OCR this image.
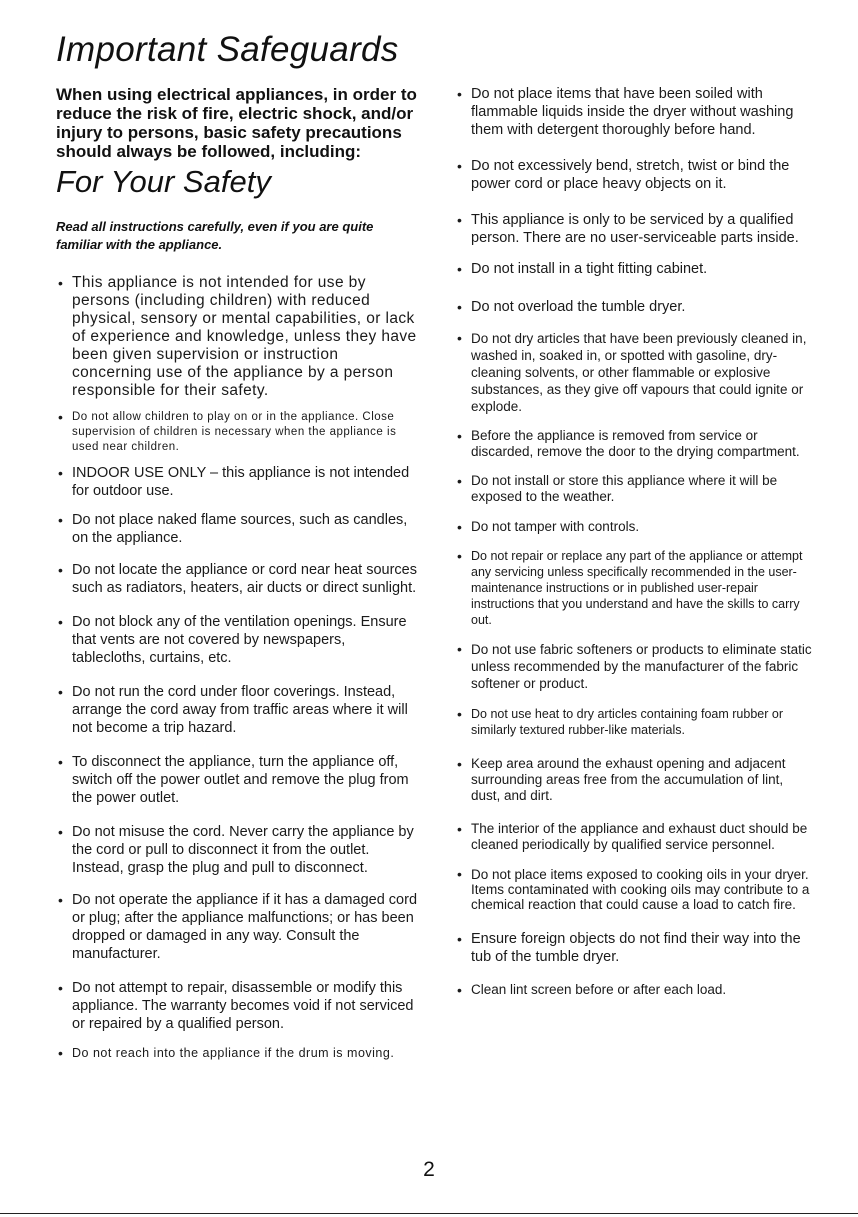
Important Safeguards
When using electrical appliances, in order to reduce the risk of fire, electric shock, and/or injury to persons, basic safety precautions should always be followed, including:
For Your Safety
Read all instructions carefully, even if you are quite familiar with the appliance.
• This appliance is not intended for use by persons (including children) with reduced physical, sensory or mental capabilities, or lack of experience and knowledge, unless they have been given supervision or instruction concerning use of the appliance by a person responsible for their safety.
• Do not allow children to play on or in the appliance. Close supervision of children is necessary when the appliance is used near children.
• INDOOR USE ONLY – this appliance is not intended for outdoor use.
• Do not place naked flame sources, such as candles, on the appliance.
• Do not locate the appliance or cord near heat sources such as radiators, heaters, air ducts or direct sunlight.
• Do not block any of the ventilation openings. Ensure that vents are not covered by newspapers, tablecloths, curtains, etc.
• Do not run the cord under floor coverings. Instead, arrange the cord away from traffic areas where it will not become a trip hazard.
• To disconnect the appliance, turn the appliance off, switch off the power outlet and remove the plug from the power outlet.
• Do not misuse the cord. Never carry the appliance by the cord or pull to disconnect it from the outlet. Instead, grasp the plug and pull to disconnect.
• Do not operate the appliance if it has a damaged cord or plug; after the appliance malfunctions; or has been dropped or damaged in any way. Consult the manufacturer.
• Do not attempt to repair, disassemble or modify this appliance. The warranty becomes void if not serviced or repaired by a qualified person.
• Do not reach into the appliance if the drum is moving.
• Do not place items that have been soiled with flammable liquids inside the dryer without washing them with detergent thoroughly before hand.
• Do not excessively bend, stretch, twist or bind the power cord or place heavy objects on it.
• This appliance is only to be serviced by a qualified person. There are no user-serviceable parts inside.
• Do not install in a tight fitting cabinet.
• Do not overload the tumble dryer.
• Do not dry articles that have been previously cleaned in, washed in, soaked in, or spotted with gasoline, dry-cleaning solvents, or other flammable or explosive substances, as they give off vapours that could ignite or explode.
• Before the appliance is removed from service or discarded, remove the door to the drying compartment.
• Do not install or store this appliance where it will be exposed to the weather.
• Do not tamper with controls.
• Do not repair or replace any part of the appliance or attempt any servicing unless specifically recommended in the user-maintenance instructions or in published user-repair instructions that you understand and have the skills to carry out.
• Do not use fabric softeners or products to eliminate static unless recommended by the manufacturer of the fabric softener or product.
• Do not use heat to dry articles containing foam rubber or similarly textured rubber-like materials.
• Keep area around the exhaust opening and adjacent surrounding areas free from the accumulation of lint, dust, and dirt.
• The interior of the appliance and exhaust duct should be cleaned periodically by qualified service personnel.
• Do not place items exposed to cooking oils in your dryer. Items contaminated with cooking oils may contribute to a chemical reaction that could cause a load to catch fire.
• Ensure foreign objects do not find their way into the tub of the tumble dryer.
• Clean lint screen before or after each load.
2
